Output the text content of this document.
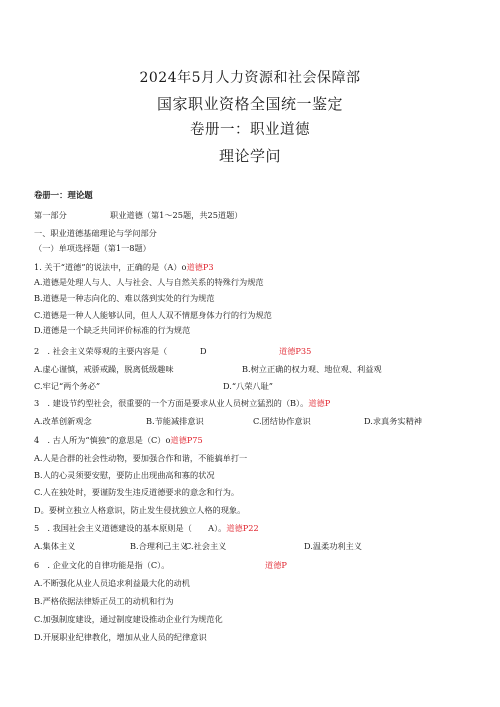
2024年5月人力资源和社会保障部
国家职业资格全国统一鉴定
卷册一：职业道德
理论学问
卷册一：理论题
第一部分	职业道德（第1～25题，共25道题）
一、职业道德基础理论与学问部分
（一）单项选择题（第1一8题）
1. 关于“道德”的说法中，正确的是（A）o道德P3
A.道德是处理人与人、人与社会、人与自然关系的特殊行为规范
B.道德是一种志向化的、难以落到实处的行为规范
C.道德是一种人人能够认同，但人人双不情愿身体力行的行为规范
D.道德是一个缺乏共同评价标准的行为规范
2　. 社会主义荣辱观的主要内容是（	D	道德P35
A.虚心谨慎，戒骄戒躁，脱离低级趣味	B.树立正确的权力观、地位观、利益观
C.牢记“两个务必”	D.“八荣八耻”
3　. 建设节约型社会，很重要的一个方面是要求从业人员树立猛烈的（B）。道德P
A.改革创新观念	B.节能减排意识	C.团结协作意识	D.求真务实精神
4　. 古人所为“慎独”的意思是（C）o道德P75
A.人是合群的社会性动物，要加强合作和谐，不能搞单打一
B.人的心灵须要安慰，要防止出现曲高和寡的状况
C.人在独处时，要谨防发生违反道德要求的意念和行为。
D。要树立独立人格意识，防止发生侵扰独立人格的现象。
5　. 我国社会主义道德建设的基本原则是（　　A）。道德P22
A.集体主义	B.合理利己主义
C.社会主义	D.温柔功利主义
6　. 企业文化的自律功能是指（C）。	道德P
A.不断强化从业人员追求利益最大化的动机
B.严格依据法律矫正员工的动机和行为
C.加强制度建设，通过制度建设推动企业行为规范化
D.开展职业纪律教化，增加从业人员的纪律意识
